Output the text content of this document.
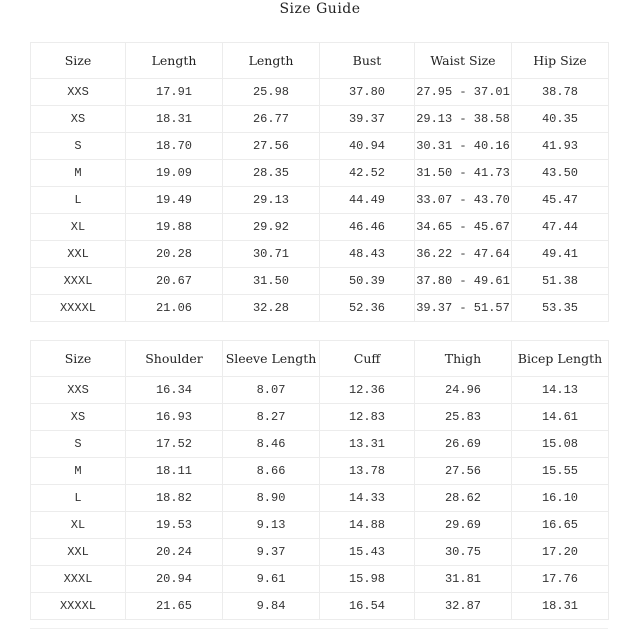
Size Guide
Size	Length	Length	Bust	Waist Size	Hip Size
XXS	17.91	25.98	37.80	27.95 - 37.01	38.78
XS	18.31	26.77	39.37	29.13 - 38.58	40.35
S	18.70	27.56	40.94	30.31 - 40.16	41.93
M	19.09	28.35	42.52	31.50 - 41.73	43.50
L	19.49	29.13	44.49	33.07 - 43.70	45.47
XL	19.88	29.92	46.46	34.65 - 45.67	47.44
XXL	20.28	30.71	48.43	36.22 - 47.64	49.41
XXXL	20.67	31.50	50.39	37.80 - 49.61	51.38
XXXXL	21.06	32.28	52.36	39.37 - 51.57	53.35
Size	Shoulder	Sleeve Length	Cuff	Thigh	Bicep Length
XXS	16.34	8.07	12.36	24.96	14.13
XS	16.93	8.27	12.83	25.83	14.61
S	17.52	8.46	13.31	26.69	15.08
M	18.11	8.66	13.78	27.56	15.55
L	18.82	8.90	14.33	28.62	16.10
XL	19.53	9.13	14.88	29.69	16.65
XXL	20.24	9.37	15.43	30.75	17.20
XXXL	20.94	9.61	15.98	31.81	17.76
XXXXL	21.65	9.84	16.54	32.87	18.31
